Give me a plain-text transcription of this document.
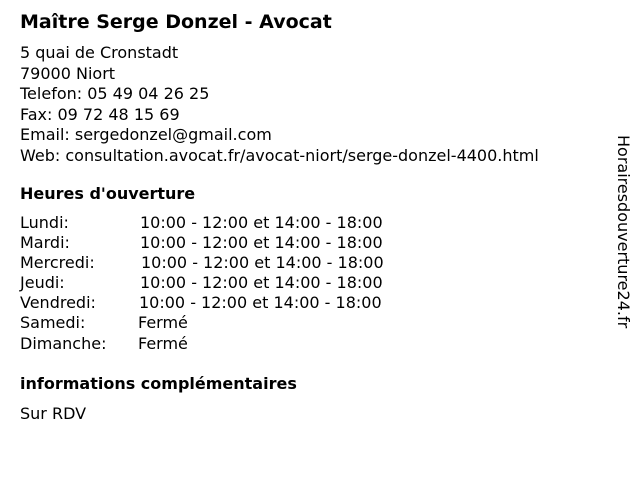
Maître Serge Donzel - Avocat
5 quai de Cronstadt
79000 Niort
Telefon: 05 49 04 26 25
Fax: 09 72 48 15 69
Email: sergedonzel@gmail.com
Web: consultation.avocat.fr/avocat-niort/serge-donzel-4400.html
Heures d'ouverture
Lundi:	10:00 - 12:00 et 14:00 - 18:00
Mardi:	10:00 - 12:00 et 14:00 - 18:00
Mercredi:	10:00 - 12:00 et 14:00 - 18:00
Jeudi:	10:00 - 12:00 et 14:00 - 18:00
Vendredi:	10:00 - 12:00 et 14:00 - 18:00
Samedi:	Fermé
Dimanche: Fermé
informations complémentaires
Sur RDV
Horairesdouverture24.fr
